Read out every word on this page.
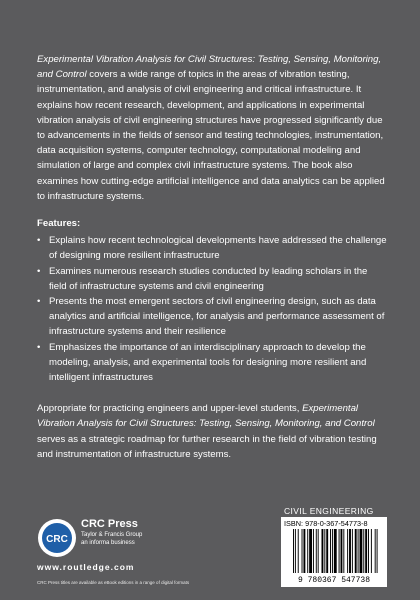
Experimental Vibration Analysis for Civil Structures: Testing, Sensing, Monitoring, and Control covers a wide range of topics in the areas of vibration testing, instrumentation, and analysis of civil engineering and critical infrastructure. It explains how recent research, development, and applications in experimental vibration analysis of civil engineering structures have progressed significantly due to advancements in the fields of sensor and testing technologies, instrumentation, data acquisition systems, computer technology, computational modeling and simulation of large and complex civil infrastructure systems. The book also examines how cutting-edge artificial intelligence and data analytics can be applied to infrastructure systems.

Features:
• Explains how recent technological developments have addressed the challenge of designing more resilient infrastructure
• Examines numerous research studies conducted by leading scholars in the field of infrastructure systems and civil engineering
• Presents the most emergent sectors of civil engineering design, such as data analytics and artificial intelligence, for analysis and performance assessment of infrastructure systems and their resilience
• Emphasizes the importance of an interdisciplinary approach to develop the modeling, analysis, and experimental tools for designing more resilient and intelligent infrastructures

Appropriate for practicing engineers and upper-level students, Experimental Vibration Analysis for Civil Structures: Testing, Sensing, Monitoring, and Control serves as a strategic roadmap for further research in the field of vibration testing and instrumentation of infrastructure systems.

CRC
CRC Press
Taylor & Francis Group
an informa business
www.routledge.com
CRC Press titles are available as eBook editions in a range of digital formats
CIVIL ENGINEERING
ISBN: 978-0-367-54773-8
9 780367 547738
